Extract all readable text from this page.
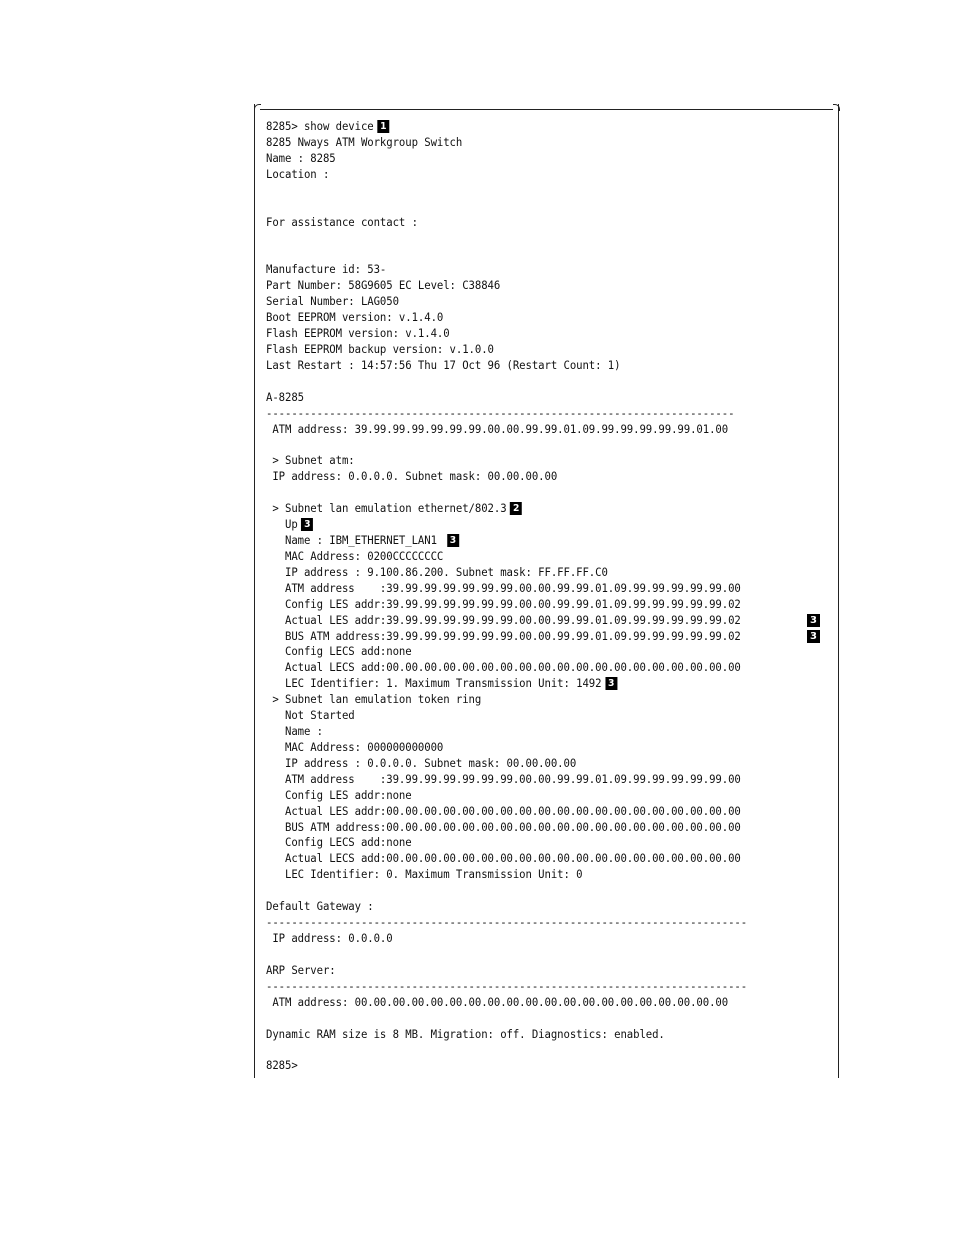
8285> show device 1
8285 Nways ATM Workgroup Switch
Name : 8285
Location :
For assistance contact :
Manufacture id: 53-
Part Number: 58G9605 EC Level: C38846
Serial Number: LAG050
Boot EEPROM version: v.1.4.0
Flash EEPROM version: v.1.4.0
Flash EEPROM backup version: v.1.0.0
Last Restart : 14:57:56 Thu 17 Oct 96 (Restart Count: 1)
A-8285
--------------------------------------------------------------------------
ATM address: 39.99.99.99.99.99.99.00.00.99.99.01.09.99.99.99.99.99.01.00
> Subnet atm:
IP address: 0.0.0.0. Subnet mask: 00.00.00.00
> Subnet lan emulation ethernet/802.3 2
Up 3
Name : IBM_ETHERNET_LAN1 3
MAC Address: 0200CCCCCCCC
IP address : 9.100.86.200. Subnet mask: FF.FF.FF.C0
ATM address    :39.99.99.99.99.99.99.00.00.99.99.01.09.99.99.99.99.99.00
Config LES addr:39.99.99.99.99.99.99.00.00.99.99.01.09.99.99.99.99.99.02
Actual LES addr:39.99.99.99.99.99.99.00.00.99.99.01.09.99.99.99.99.99.02
BUS ATM address:39.99.99.99.99.99.99.00.00.99.99.01.09.99.99.99.99.99.02
Config LECS add:none
Actual LECS add:00.00.00.00.00.00.00.00.00.00.00.00.00.00.00.00.00.00.00
LEC Identifier: 1. Maximum Transmission Unit: 1492 3
> Subnet lan emulation token ring
Not Started
Name :
MAC Address: 000000000000
IP address : 0.0.0.0. Subnet mask: 00.00.00.00
ATM address    :39.99.99.99.99.99.99.00.00.99.99.01.09.99.99.99.99.99.00
Config LES addr:none
Actual LES addr:00.00.00.00.00.00.00.00.00.00.00.00.00.00.00.00.00.00.00
BUS ATM address:00.00.00.00.00.00.00.00.00.00.00.00.00.00.00.00.00.00.00
Config LECS add:none
Actual LECS add:00.00.00.00.00.00.00.00.00.00.00.00.00.00.00.00.00.00.00
LEC Identifier: 0. Maximum Transmission Unit: 0
Default Gateway :
----------------------------------------------------------------------------
IP address: 0.0.0.0
ARP Server:
----------------------------------------------------------------------------
ATM address: 00.00.00.00.00.00.00.00.00.00.00.00.00.00.00.00.00.00.00.00
Dynamic RAM size is 8 MB. Migration: off. Diagnostics: enabled.
8285>
3
3
